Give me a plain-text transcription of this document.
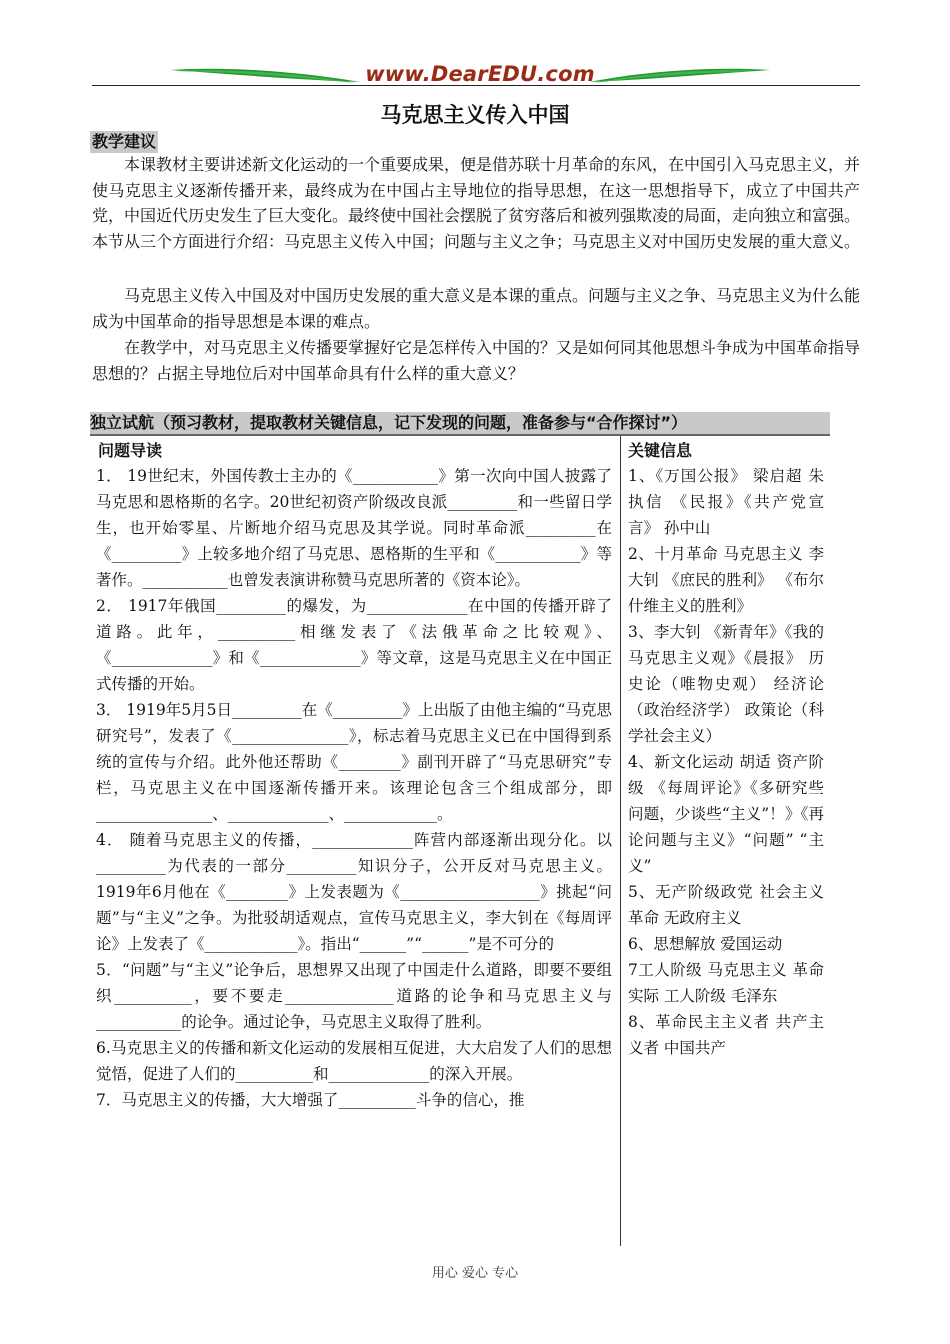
www.DearEDU.com
马克思主义传入中国
教学建议

本课教材主要讲述新文化运动的一个重要成果，便是借苏联十月革命的东风，在中国引入马克思主义，并使马克思主义逐渐传播开来，最终成为在中国占主导地位的指导思想，在这一思想指导下，成立了中国共产党，中国近代历史发生了巨大变化。最终使中国社会摆脱了贫穷落后和被列强欺凌的局面，走向独立和富强。本节从三个方面进行介绍：马克思主义传入中国；问题与主义之争；马克思主义对中国历史发展的重大意义。

马克思主义传入中国及对中国历史发展的重大意义是本课的重点。问题与主义之争、马克思主义为什么能成为中国革命的指导思想是本课的难点。

在教学中，对马克思主义传播要掌握好它是怎样传入中国的？又是如何同其他思想斗争成为中国革命指导思想的？占据主导地位后对中国革命具有什么样的重大意义？

独立试航（预习教材，提取教材关键信息，记下发现的问题，准备参与“合作探讨”）
问题导读	关键信息
1． 19世纪末，外国传教士主办的《___________》第一次向中国人披露了马克思和恩格斯的名字。20世纪初资产阶级改良派_________和一些留日学生，也开始零星、片断地介绍马克思及其学说。同时革命派_________在《_________》上较多地介绍了马克思、恩格斯的生平和《___________》等著作。___________也曾发表演讲称赞马克思所著的《资本论》。
2． 1917年俄国_________的爆发，为_____________在中国的传播开辟了道路。此年，__________相继发表了《法俄革命之比较观》、《_____________》和《_____________》等文章，这是马克思主义在中国正式传播的开始。
3． 1919年5月5日_________在《_________》上出版了由他主编的“马克思研究号”，发表了《_______________》，标志着马克思主义已在中国得到系统的宣传与介绍。此外他还帮助《________》副刊开辟了“马克思研究”专栏，马克思主义在中国逐渐传播开来。该理论包含三个组成部分，即_______________、_____________、____________。
4． 随着马克思主义的传播，_____________阵营内部逐渐出现分化。以_________为代表的一部分_________知识分子，公开反对马克思主义。1919年6月他在《________》上发表题为《__________________》挑起“问题”与“主义”之争。为批驳胡适观点，宣传马克思主义，李大钊在《每周评论》上发表了《____________》。指出“______”“______”是不可分的
5．“问题”与“主义”论争后，思想界又出现了中国走什么道路，即要不要组织__________，要不要走______________道路的论争和马克思主义与___________的论争。通过论争，马克思主义取得了胜利。
6.马克思主义的传播和新文化运动的发展相互促进，大大启发了人们的思想觉悟，促进了人们的__________和_____________的深入开展。
7．马克思主义的传播，大大增强了__________斗争的信心，推
1、《万国公报》 梁启超 朱执信 《民报》《共产党宣言》 孙中山
2、十月革命 马克思主义 李大钊 《庶民的胜利》 《布尔什维主义的胜利》
3、李大钊 《新青年》《我的马克思主义观》《晨报》 历史论（唯物史观） 经济论（政治经济学） 政策论（科学社会主义）
4、新文化运动 胡适 资产阶级 《每周评论》《多研究些问题，少谈些“主义”！》《再论问题与主义》“问题” “主义”
5、无产阶级政党 社会主义革命 无政府主义
6、思想解放 爱国运动
7工人阶级 马克思主义 革命实际 工人阶级 毛泽东
8、革命民主主义者 共产主义者 中国共产
用心 爱心 专心
